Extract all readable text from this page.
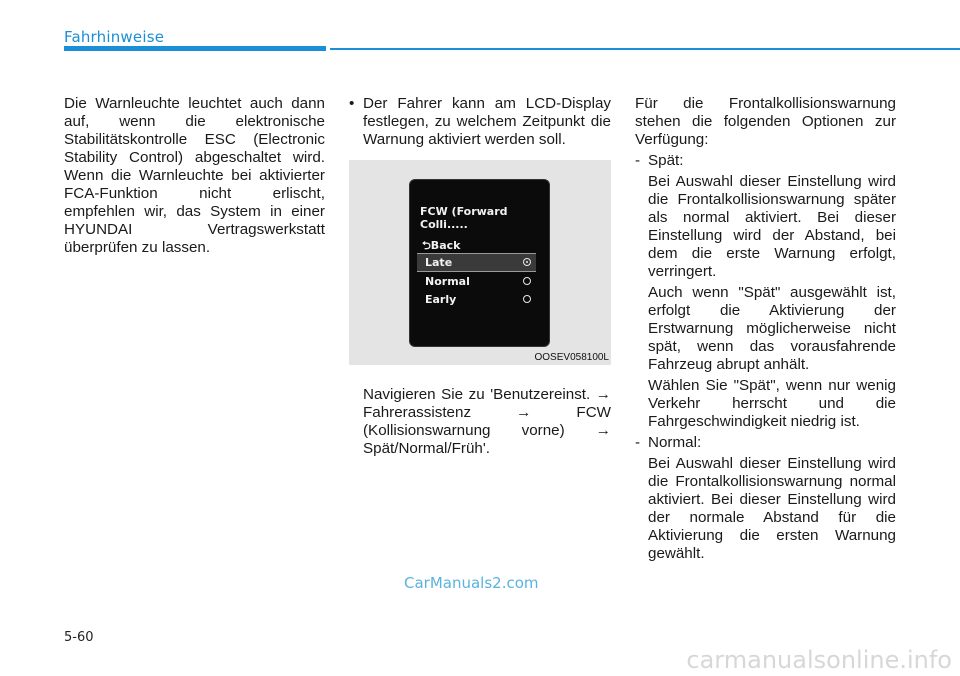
Fahrhinweise

Die Warnleuchte leuchtet auch dann auf, wenn die elektronische Stabilitätskontrolle ESC (Electronic Stability Control) abgeschaltet wird. Wenn die Warnleuchte bei aktivierter FCA-Funktion nicht erlischt, empfehlen wir, das System in einer HYUNDAI Vertragswerkstatt überprüfen zu lassen.

• Der Fahrer kann am LCD-Display festlegen, zu welchem Zeitpunkt die Warnung aktiviert werden soll.
FCW (Forward Colli.....
⮌Back
Late
Normal
Early
OOSEV058100L

Navigieren Sie zu 'Benutzereinst. → Fahrerassistenz → FCW (Kollisionswarnung vorne) → Spät/Normal/Früh'.

Für die Frontalkollisionswarnung stehen die folgenden Optionen zur Verfügung:

- Spät:

Bei Auswahl dieser Einstellung wird die Frontalkollisionswarnung später als normal aktiviert. Bei dieser Einstellung wird der Abstand, bei dem die erste Warnung erfolgt, verringert.

Auch wenn "Spät" ausgewählt ist, erfolgt die Aktivierung der Erstwarnung möglicherweise nicht spät, wenn das vorausfahrende Fahrzeug abrupt anhält.

Wählen Sie "Spät", wenn nur wenig Verkehr herrscht und die Fahrgeschwindigkeit niedrig ist.

- Normal:

Bei Auswahl dieser Einstellung wird die Frontalkollisionswarnung normal aktiviert. Bei dieser Einstellung wird der normale Abstand für die Aktivierung die ersten Warnung gewählt.

CarManuals2.com
5-60
carmanualsonline.info
